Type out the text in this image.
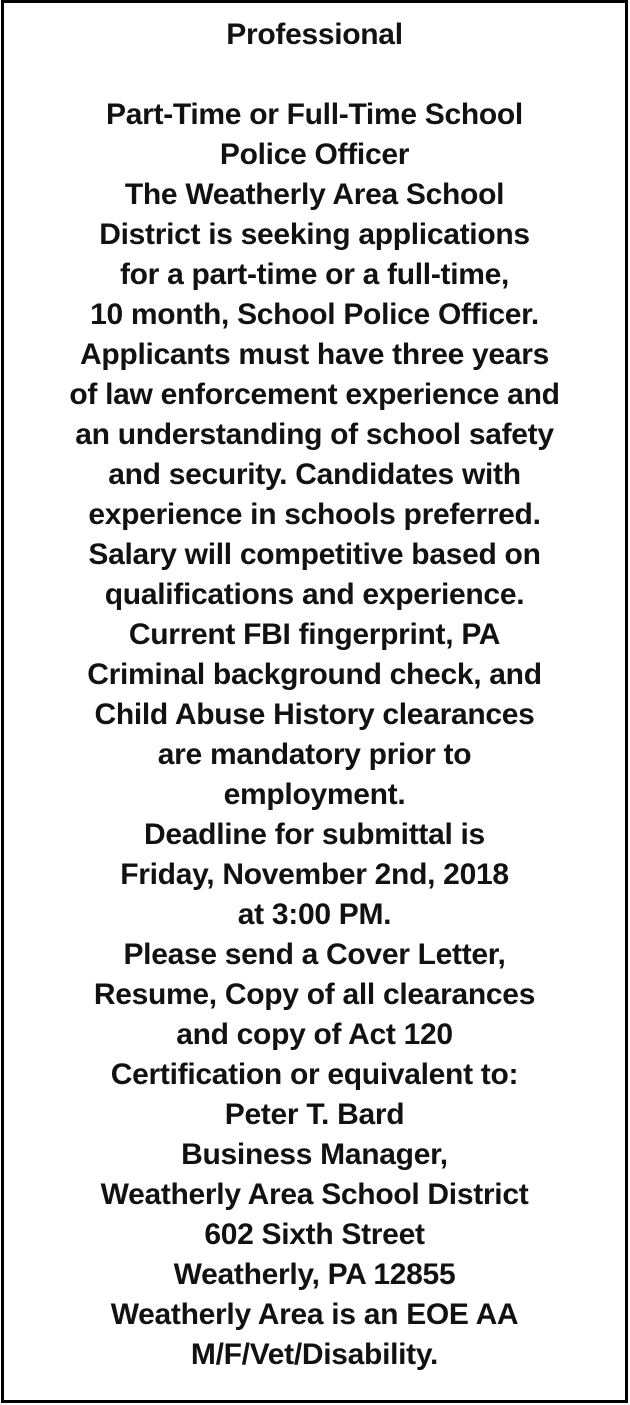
Professional
Part-Time or Full-Time School
Police Officer
The Weatherly Area School
District is seeking applications
for a part-time or a full-time,
10 month, School Police Officer.
Applicants must have three years
of law enforcement experience and
an understanding of school safety
and security. Candidates with
experience in schools preferred.
Salary will competitive based on
qualifications and experience.
Current FBI fingerprint, PA
Criminal background check, and
Child Abuse History clearances
are mandatory prior to
employment.
Deadline for submittal is
Friday, November 2nd, 2018
at 3:00 PM.
Please send a Cover Letter,
Resume, Copy of all clearances
and copy of Act 120
Certification or equivalent to:
Peter T. Bard
Business Manager,
Weatherly Area School District
602 Sixth Street
Weatherly, PA 12855
Weatherly Area is an EOE AA
M/F/Vet/Disability.
